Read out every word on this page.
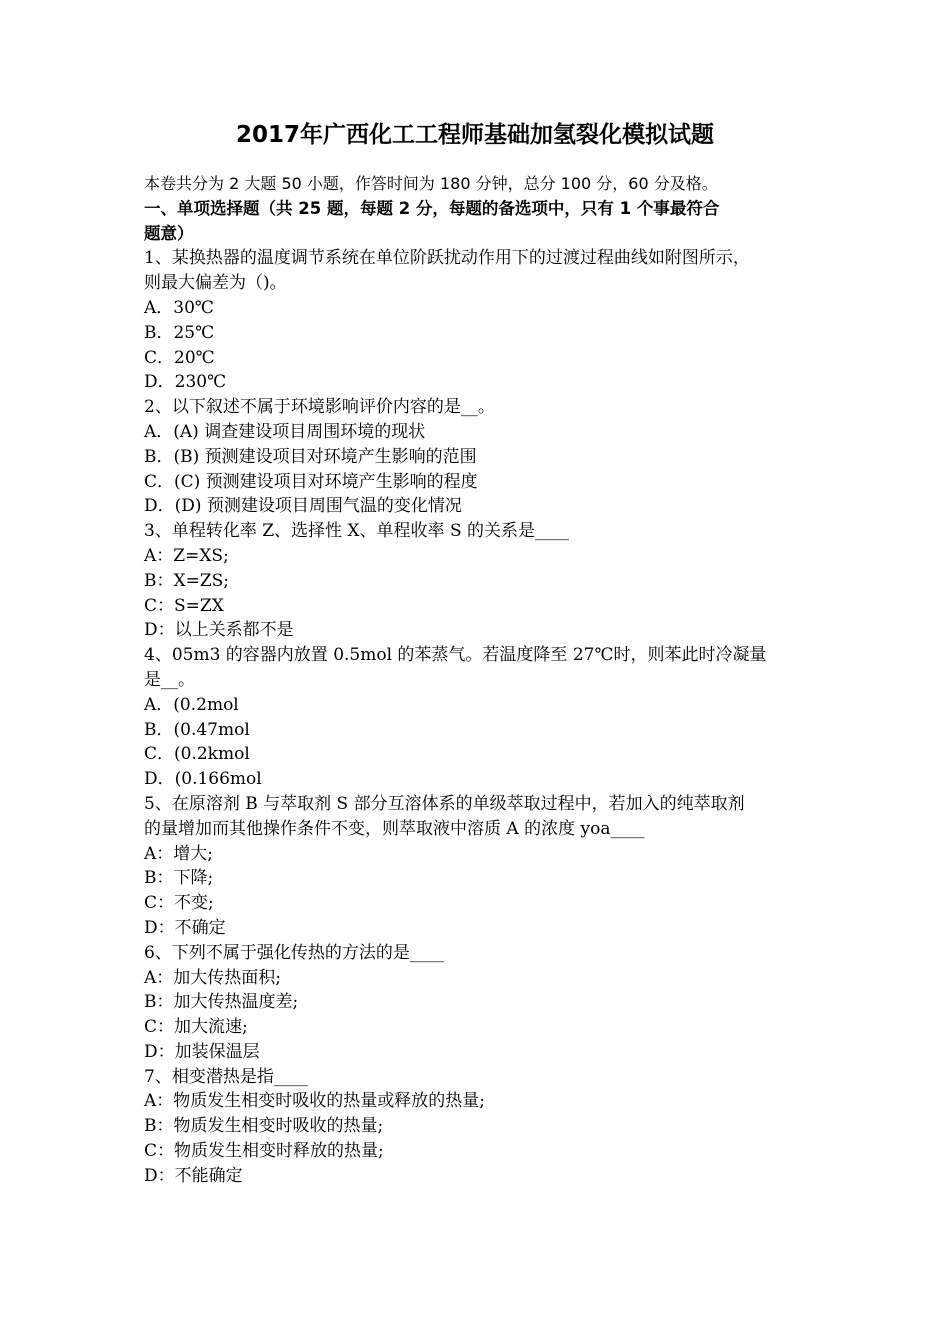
2017年广西化工工程师基础加氢裂化模拟试题
本卷共分为 2 大题 50 小题，作答时间为 180 分钟，总分 100 分，60 分及格。
一、单项选择题（共 25 题，每题 2 分，每题的备选项中，只有 1 个事最符合
题意）
1、某换热器的温度调节系统在单位阶跃扰动作用下的过渡过程曲线如附图所示，
则最大偏差为（)。
A．30℃
B．25℃
C．20℃
D．230℃
2、以下叙述不属于环境影响评价内容的是__。
A．(A) 调查建设项目周围环境的现状
B．(B) 预测建设项目对环境产生影响的范围
C．(C) 预测建设项目对环境产生影响的程度
D．(D) 预测建设项目周围气温的变化情况
3、单程转化率 Z、选择性 X、单程收率 S 的关系是____
A：Z=XS;
B：X=ZS;
C：S=ZX
D：以上关系都不是
4、05m3 的容器内放置 0.5mol 的苯蒸气。若温度降至 27℃时，则苯此时冷凝量
是__。
A．(0.2mol
B．(0.47mol
C．(0.2kmol
D．(0.166mol
5、在原溶剂 B 与萃取剂 S 部分互溶体系的单级萃取过程中，若加入的纯萃取剂
的量增加而其他操作条件不变，则萃取液中溶质 A 的浓度 yoa____
A：增大;
B：下降;
C：不变;
D：不确定
6、下列不属于强化传热的方法的是____
A：加大传热面积;
B：加大传热温度差;
C：加大流速;
D：加装保温层
7、相变潜热是指____
A：物质发生相变时吸收的热量或释放的热量;
B：物质发生相变时吸收的热量;
C：物质发生相变时释放的热量;
D：不能确定
